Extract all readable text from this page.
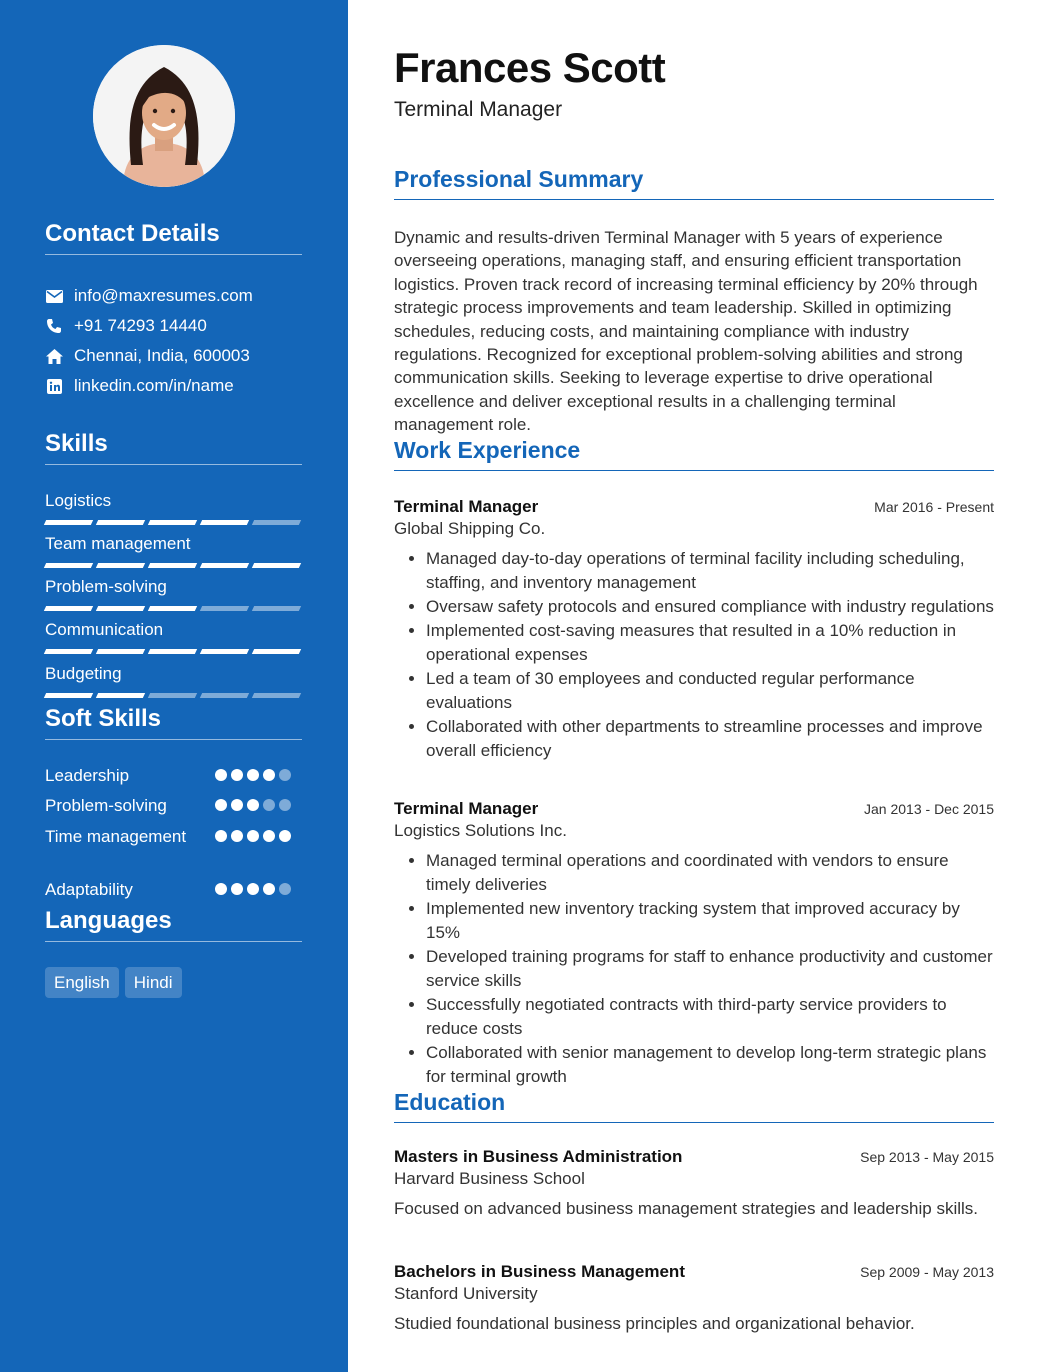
Contact Details
info@maxresumes.com
+91 74293 14440
Chennai, India, 600003
linkedin.com/in/name
Skills
Logistics
Team management
Problem-solving
Communication
Budgeting
Soft Skills
Leadership
Problem-solving
Time management
Adaptability
Languages
English	Hindi
Frances Scott
Terminal Manager
Professional Summary
Dynamic and results-driven Terminal Manager with 5 years of experience overseeing operations, managing staff, and ensuring efficient transportation logistics. Proven track record of increasing terminal efficiency by 20% through strategic process improvements and team leadership. Skilled in optimizing schedules, reducing costs, and maintaining compliance with industry regulations. Recognized for exceptional problem-solving abilities and strong communication skills. Seeking to leverage expertise to drive operational excellence and deliver exceptional results in a challenging terminal management role.
Work Experience
Terminal Manager	Mar 2016 - Present
Global Shipping Co.
• Managed day-to-day operations of terminal facility including scheduling, staffing, and inventory management
• Oversaw safety protocols and ensured compliance with industry regulations
• Implemented cost-saving measures that resulted in a 10% reduction in operational expenses
• Led a team of 30 employees and conducted regular performance evaluations
• Collaborated with other departments to streamline processes and improve overall efficiency
Terminal Manager	Jan 2013 - Dec 2015
Logistics Solutions Inc.
• Managed terminal operations and coordinated with vendors to ensure timely deliveries
• Implemented new inventory tracking system that improved accuracy by 15%
• Developed training programs for staff to enhance productivity and customer service skills
• Successfully negotiated contracts with third-party service providers to reduce costs
• Collaborated with senior management to develop long-term strategic plans for terminal growth
Education
Masters in Business Administration	Sep 2013 - May 2015
Harvard Business School
Focused on advanced business management strategies and leadership skills.
Bachelors in Business Management	Sep 2009 - May 2013
Stanford University
Studied foundational business principles and organizational behavior.
